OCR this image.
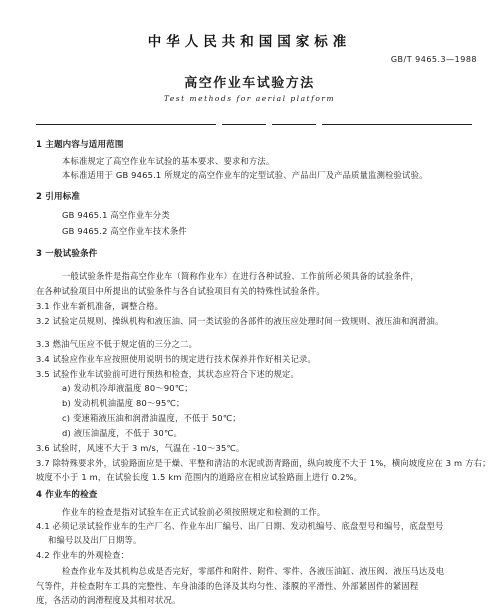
中华人民共和国国家标准
GB/T 9465.3—1988
高空作业车试验方法
Test methods for aerial platform
1 主题内容与适用范围
本标准规定了高空作业车试验的基本要求、要求和方法。
本标准适用于 GB 9465.1 所规定的高空作业车的定型试验、产品出厂及产品质量监测检验试验。
2 引用标准
GB 9465.1 高空作业车分类
GB 9465.2 高空作业车技术条件
3 一般试验条件
一般试验条件是指高空作业车（简称作业车）在进行各种试验、工作前所必须具备的试验条件，
在各种试验项目中所提出的试验条件与各自试验项目有关的特殊性试验条件。
3.1 作业车新机准备，调整合格。
3.2 试验定员规则、操纵机构和液压油、同一类试验的各部件的液压应处理时间一致规则、液压油和润滑油。
3.3 燃油气压应不低于规定值的三分之二。
3.4 试验应作业车应按照使用说明书的规定进行技术保养并作好相关记录。
3.5 试验作业车试验前可进行预热和检查，其状态应符合下述的规定。
a) 发动机冷却液温度 80～90℃；
b) 发动机机油温度 80～95℃；
c) 变速箱液压油和润滑油温度，不低于 50℃；
d) 液压油温度，不低于 30℃。
3.6 试验时，风速不大于 3 m/s，气温在 -10～35℃。
3.7 除特殊要求外，试验路面应是干燥、平整和清洁的水泥或沥青路面，纵向坡度不大于 1%，横向坡度应在 3 m 方右；
坡度不小于 1 m，在试验长度 1.5 km 范围内的道路应在相应试验路面上进行 0.2%。
4 作业车的检查
作业车的检查是指对试验车在正式试验前必须按照规定和检测的工作。
4.1 必须记录试验作业车的生产厂名、作业车出厂编号、出厂日期、发动机编号、底盘型号和编号，底盘型号
和编号以及出厂日期等。
4.2 作业车的外观检查：
检查作业车及其机构总成是否完好，零部件和附件、附件、零件、各液压油缸、液压阀、液压马达及电
气等件，并检查附车工具的完整性、车身油漆的色泽及其均匀性、漆膜的平滑性、外部紧固件的紧固程
度，各活动的润滑程度及其相对状况。
